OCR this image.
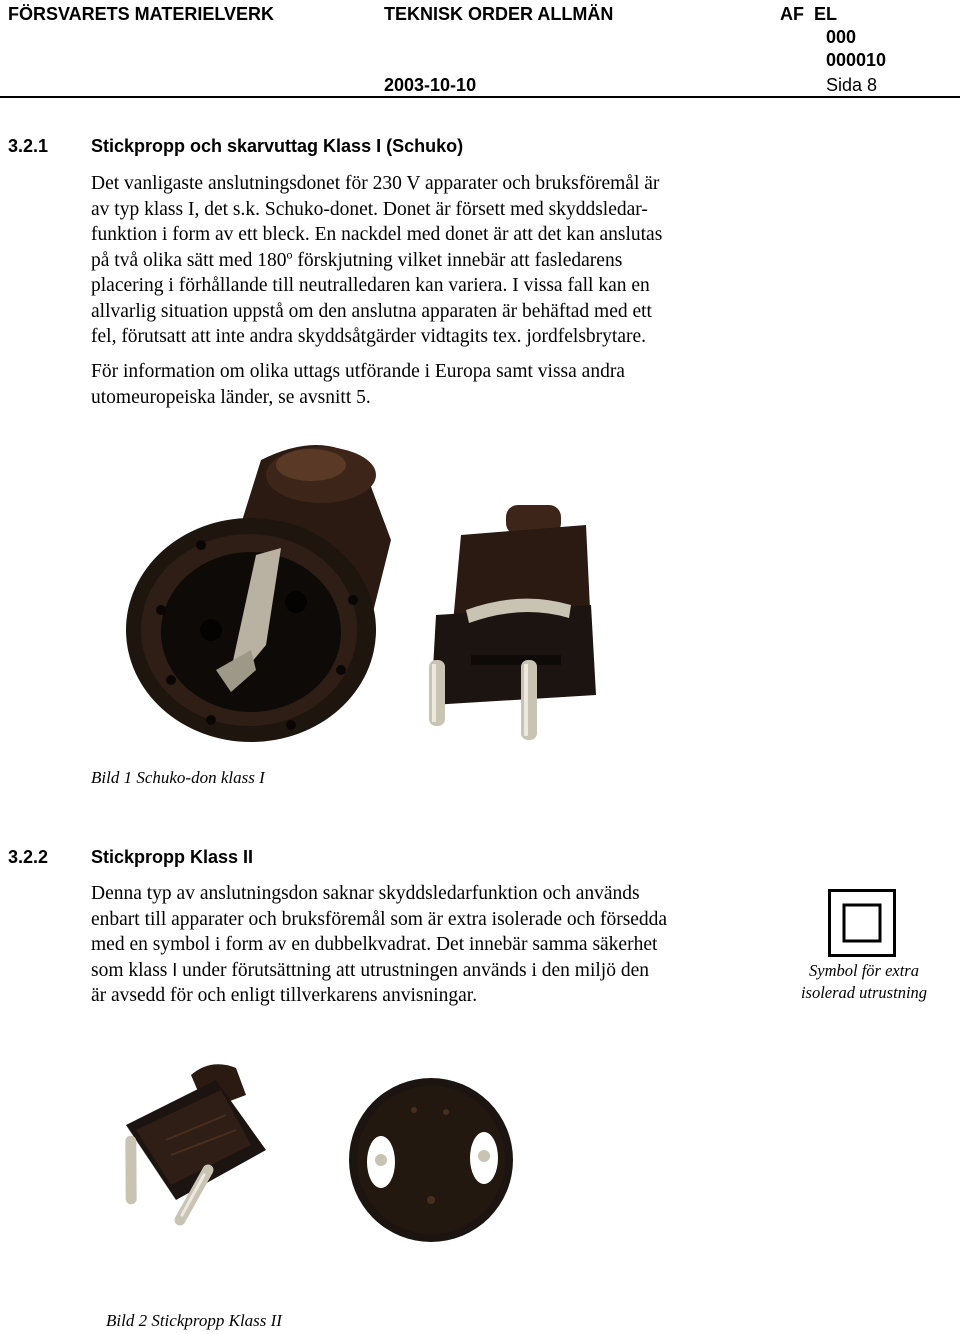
FÖRSVARETS MATERIELVERK	TEKNISK ORDER ALLMÄN	AF  EL
000
000010
2003-10-10	Sida 8
3.2.1 Stickpropp och skarvuttag Klass I (Schuko)
Det vanligaste anslutningsdonet för 230 V apparater och bruksföremål är
av typ klass I, det s.k. Schuko-donet. Donet är försett med skyddsledar-
funktion i form av ett bleck. En nackdel med donet är att det kan anslutas
på två olika sätt med 180$^o$ förskjutning vilket innebär att fasledarens
placering i förhållande till neutralledaren kan variera. I vissa fall kan en
allvarlig situation uppstå om den anslutna apparaten är behäftad med ett
fel, förutsatt att inte andra skyddsåtgärder vidtagits tex. jordfelsbrytare.
För information om olika uttags utförande i Europa samt vissa andra
utomeuropeiska länder, se avsnitt 5.
Bild 1 Schuko-don klass I
3.2.2 Stickpropp Klass II
Denna typ av anslutningsdon saknar skyddsledarfunktion och används
enbart till apparater och bruksföremål som är extra isolerade och försedda
med en symbol i form av en dubbelkvadrat. Det innebär samma säkerhet
som klass I under förutsättning att utrustningen används i den miljö den
är avsedd för och enligt tillverkarens anvisningar.
Symbol för extra
isolerad utrustning
Bild 2 Stickpropp Klass II
